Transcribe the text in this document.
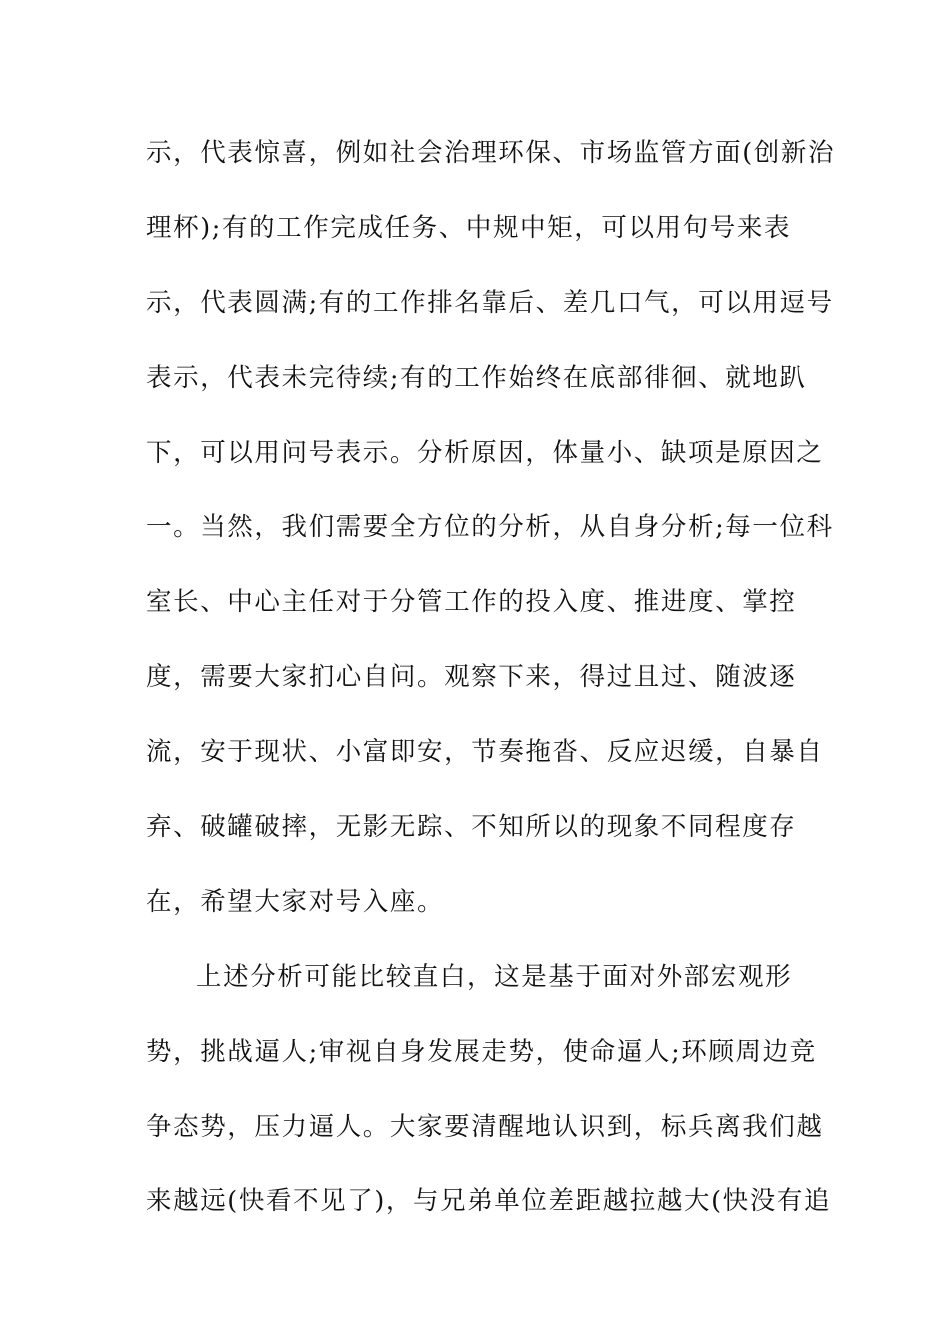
示，代表惊喜，例如社会治理环保、市场监管方面(创新治
理杯);有的工作完成任务、中规中矩，可以用句号来表
示，代表圆满;有的工作排名靠后、差几口气，可以用逗号
表示，代表未完待续;有的工作始终在底部徘徊、就地趴
下，可以用问号表示。分析原因，体量小、缺项是原因之
一。当然，我们需要全方位的分析，从自身分析;每一位科
室长、中心主任对于分管工作的投入度、推进度、掌控
度，需要大家扪心自问。观察下来，得过且过、随波逐
流，安于现状、小富即安，节奏拖沓、反应迟缓，自暴自
弃、破罐破摔，无影无踪、不知所以的现象不同程度存
在，希望大家对号入座。
上述分析可能比较直白，这是基于面对外部宏观形
势，挑战逼人;审视自身发展走势，使命逼人;环顾周边竞
争态势，压力逼人。大家要清醒地认识到，标兵离我们越
来越远(快看不见了)，与兄弟单位差距越拉越大(快没有追
